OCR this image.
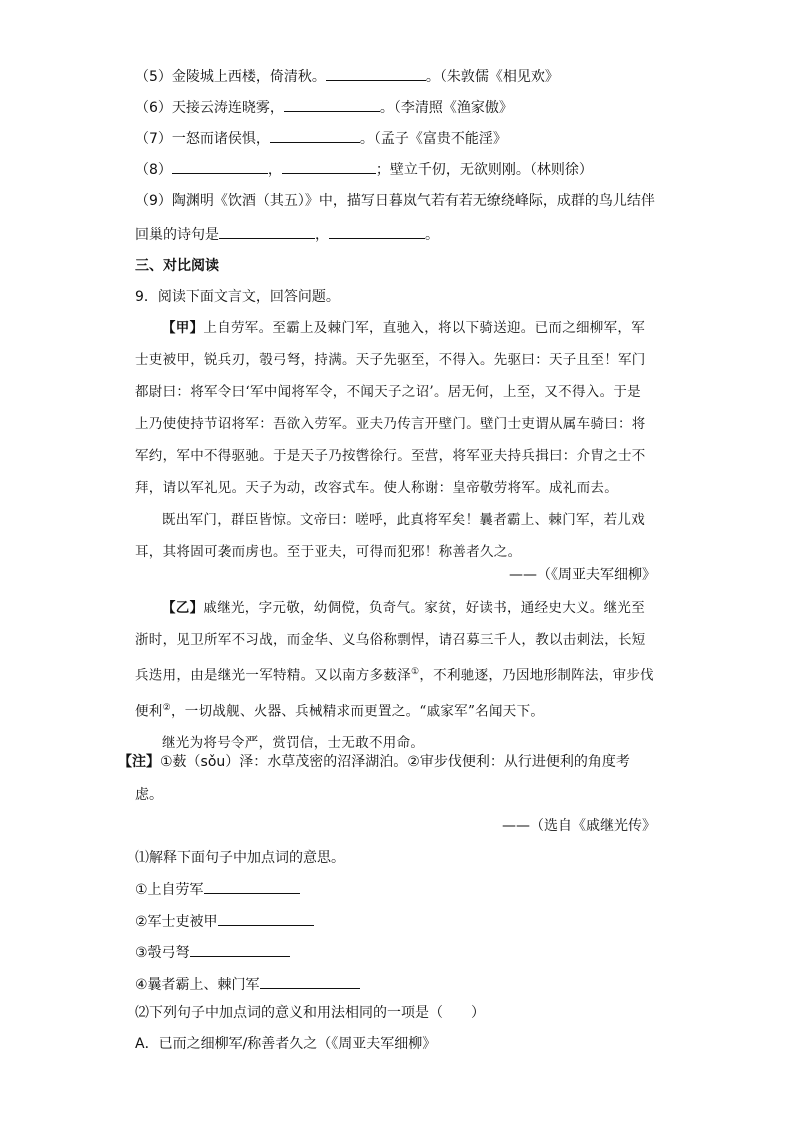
（5）金陵城上西楼，倚清秋。	。（朱敦儒《相见欢》
（6）天接云涛连晓雾，	。（李清照《渔家傲》
（7）一怒而诸侯惧，	。（孟子《富贵不能淫》
（8）	，	；壁立千仞，无欲则刚。（林则徐）
（9）陶渊明《饮酒（其五）》中，描写日暮岚气若有若无缭绕峰际，成群的鸟儿结伴
回巢的诗句是	，	。
三、对比阅读
9．阅读下面文言文，回答问题。

【甲】上自劳军。至霸上及棘门军，直驰入，将以下骑送迎。已而之细柳军，军

士吏被甲，锐兵刃，彀弓弩，持满。天子先驱至，不得入。先驱曰：天子且至！军门

都尉曰：将军令曰‘军中闻将军令，不闻天子之诏’。居无何，上至，又不得入。于是

上乃使使持节诏将军：吾欲入劳军。亚夫乃传言开壁门。壁门士吏谓从属车骑曰：将

军约，军中不得驱驰。于是天子乃按辔徐行。至营，将军亚夫持兵揖曰：介胄之士不

拜，请以军礼见。天子为动，改容式车。使人称谢：皇帝敬劳将军。成礼而去。

既出军门，群臣皆惊。文帝曰：嗟呼，此真将军矣！曩者霸上、棘门军，若儿戏

耳，其将固可袭而虏也。至于亚夫，可得而犯邪！称善者久之。

——（《周亚夫军细柳》

【乙】戚继光，字元敬，幼倜傥，负奇气。家贫，好读书，通经史大义。继光至

浙时，见卫所军不习战，而金华、义乌俗称剽悍，请召募三千人，教以击刺法，长短

兵迭用，由是继光一军特精。又以南方多薮泽①，不利驰逐，乃因地形制阵法，审步伐

便利②，一切战舰、火器、兵械精求而更置之。“戚家军”名闻天下。

继光为将号令严，赏罚信，士无敢不用命。

【注】①薮（sǒu）泽：水草茂密的沼泽湖泊。②审步伐便利：从行进便利的角度考
虑。
——（选自《戚继光传》
⑴解释下面句子中加点词的意思。
①上自劳军
②军士吏被甲
③彀弓弩
④曩者霸上、棘门军
⑵下列句子中加点词的意义和用法相同的一项是（　　）
A．已而之细柳军/称善者久之（《周亚夫军细柳》
